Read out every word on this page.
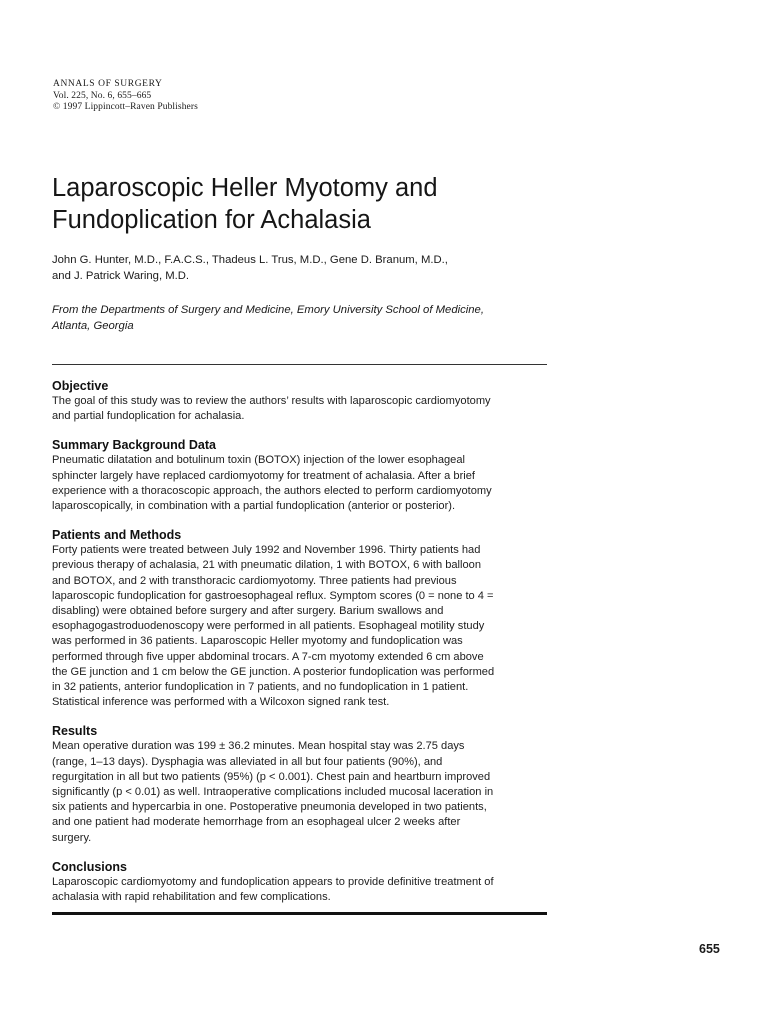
ANNALS OF SURGERY
Vol. 225, No. 6, 655–665
© 1997 Lippincott–Raven Publishers
Laparoscopic Heller Myotomy and
Fundoplication for Achalasia
John G. Hunter, M.D., F.A.C.S., Thadeus L. Trus, M.D., Gene D. Branum, M.D.,
and J. Patrick Waring, M.D.
From the Departments of Surgery and Medicine, Emory University School of Medicine,
Atlanta, Georgia
Objective
The goal of this study was to review the authors’ results with laparoscopic cardiomyotomy
and partial fundoplication for achalasia.
Summary Background Data
Pneumatic dilatation and botulinum toxin (BOTOX) injection of the lower esophageal
sphincter largely have replaced cardiomyotomy for treatment of achalasia. After a brief
experience with a thoracoscopic approach, the authors elected to perform cardiomyotomy
laparoscopically, in combination with a partial fundoplication (anterior or posterior).
Patients and Methods
Forty patients were treated between July 1992 and November 1996. Thirty patients had
previous therapy of achalasia, 21 with pneumatic dilation, 1 with BOTOX, 6 with balloon
and BOTOX, and 2 with transthoracic cardiomyotomy. Three patients had previous
laparoscopic fundoplication for gastroesophageal reflux. Symptom scores (0 = none to 4 =
disabling) were obtained before surgery and after surgery. Barium swallows and
esophagogastroduodenoscopy were performed in all patients. Esophageal motility study
was performed in 36 patients. Laparoscopic Heller myotomy and fundoplication was
performed through five upper abdominal trocars. A 7-cm myotomy extended 6 cm above
the GE junction and 1 cm below the GE junction. A posterior fundoplication was performed
in 32 patients, anterior fundoplication in 7 patients, and no fundoplication in 1 patient.
Statistical inference was performed with a Wilcoxon signed rank test.
Results
Mean operative duration was 199 ± 36.2 minutes. Mean hospital stay was 2.75 days
(range, 1–13 days). Dysphagia was alleviated in all but four patients (90%), and
regurgitation in all but two patients (95%) (p < 0.001). Chest pain and heartburn improved
significantly (p < 0.01) as well. Intraoperative complications included mucosal laceration in
six patients and hypercarbia in one. Postoperative pneumonia developed in two patients,
and one patient had moderate hemorrhage from an esophageal ulcer 2 weeks after
surgery.
Conclusions
Laparoscopic cardiomyotomy and fundoplication appears to provide definitive treatment of
achalasia with rapid rehabilitation and few complications.
655
